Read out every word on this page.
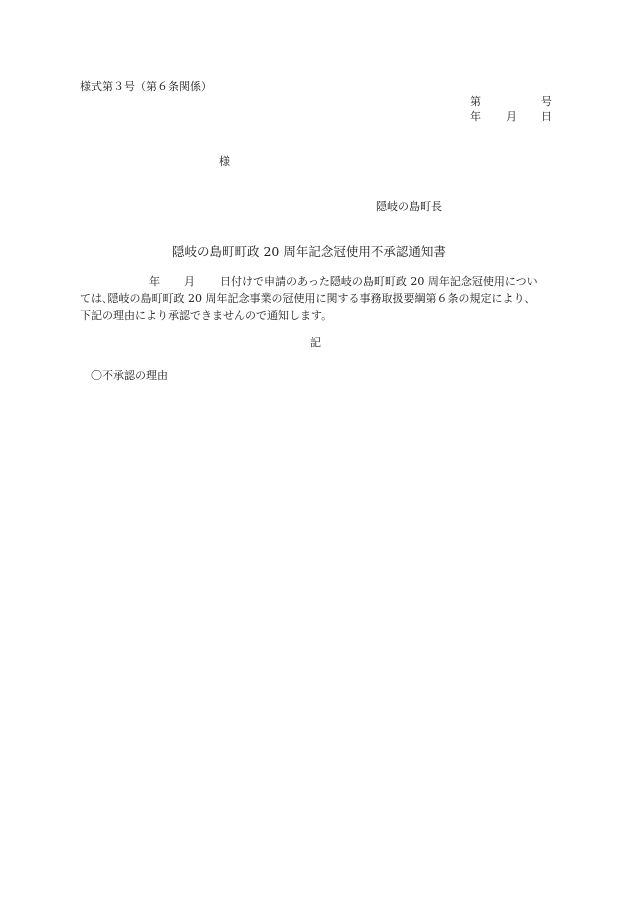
様式第３号（第６条関係）
第	号
年 月 日
様
隠岐の島町長
隠岐の島町町政 20 周年記念冠使用不承認通知書
年 月 日付けで申請のあった隠岐の島町町政 20 周年記念冠使用につい
ては､隠岐の島町町政 20 周年記念事業の冠使用に関する事務取扱要綱第６条の規定により、
下記の理由により承認できませんので通知します。
記
〇不承認の理由
